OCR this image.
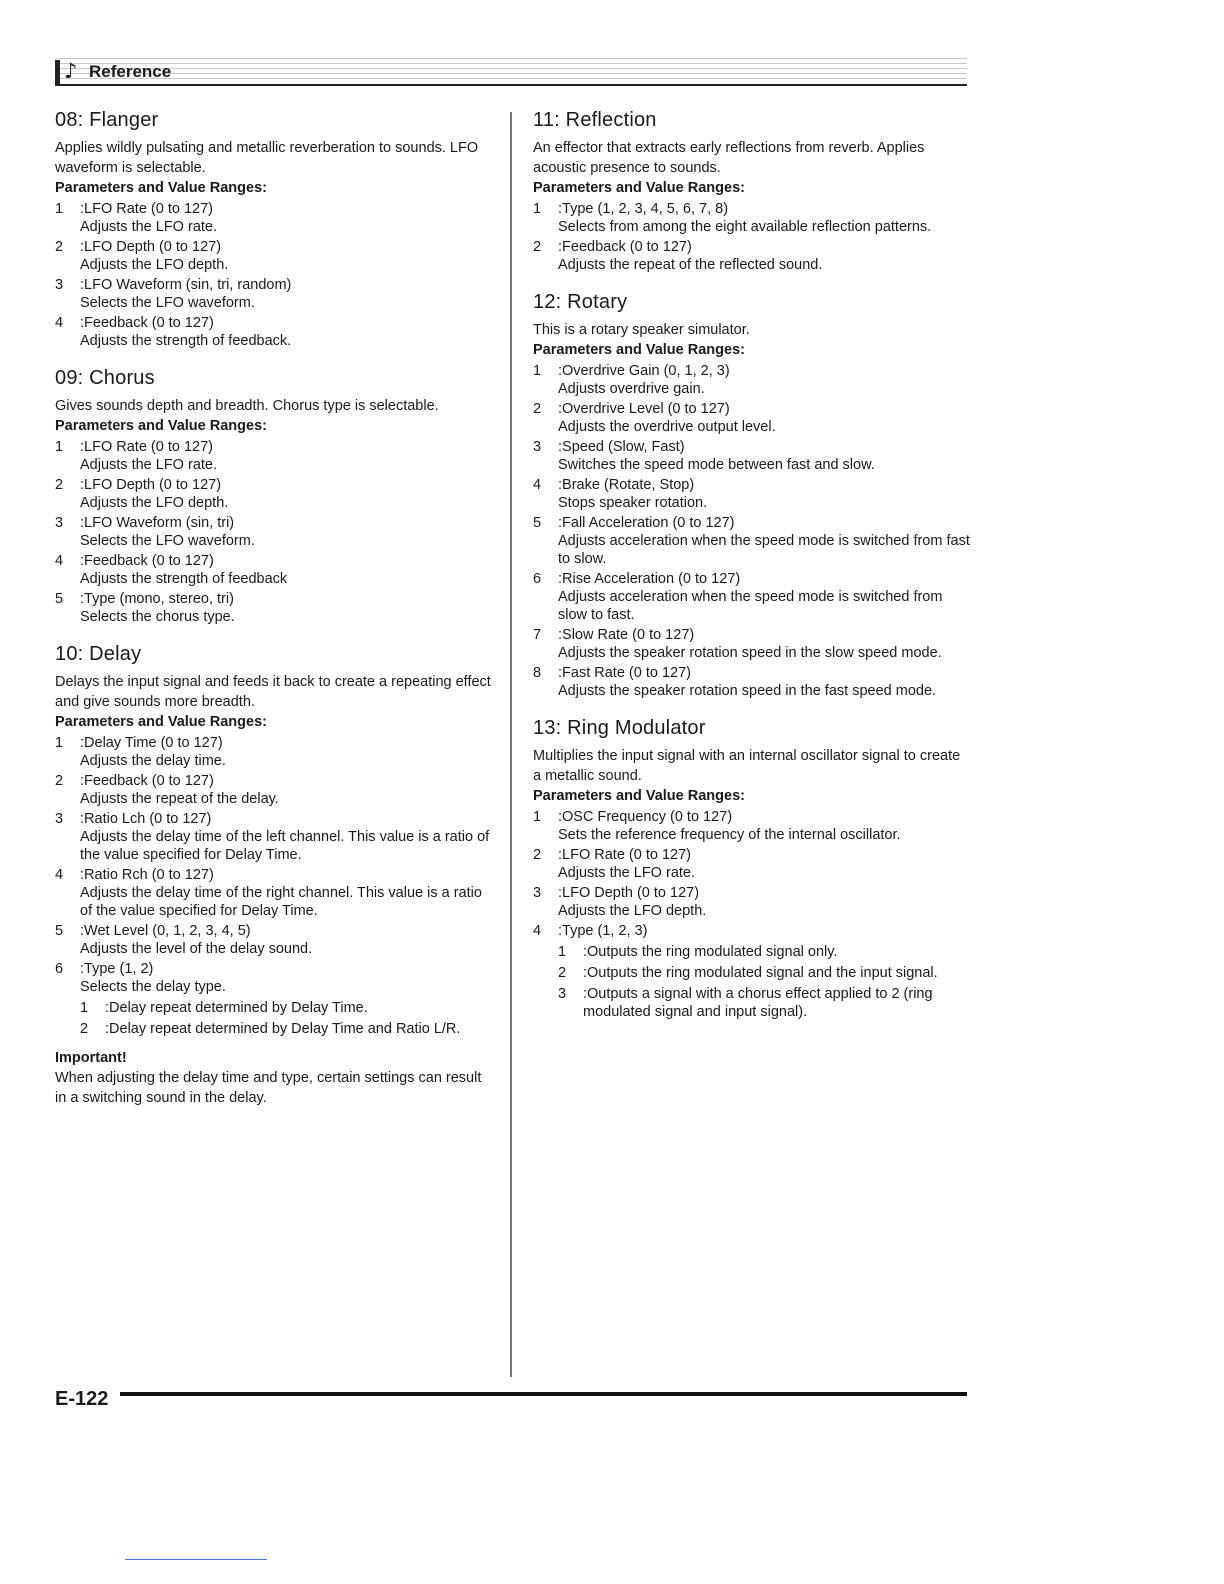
♪ Reference
08: Flanger

Applies wildly pulsating and metallic reverberation to sounds. LFO waveform is selectable.

Parameters and Value Ranges:

1 :LFO Rate (0 to 127)
Adjusts the LFO rate.
2 :LFO Depth (0 to 127)
Adjusts the LFO depth.
3 :LFO Waveform (sin, tri, random)
Selects the LFO waveform.
4 :Feedback (0 to 127)
Adjusts the strength of feedback.
09: Chorus

Gives sounds depth and breadth. Chorus type is selectable.

Parameters and Value Ranges:

1 :LFO Rate (0 to 127)
Adjusts the LFO rate.
2 :LFO Depth (0 to 127)
Adjusts the LFO depth.
3 :LFO Waveform (sin, tri)
Selects the LFO waveform.
4 :Feedback (0 to 127)
Adjusts the strength of feedback
5 :Type (mono, stereo, tri)
Selects the chorus type.
10: Delay

Delays the input signal and feeds it back to create a repeating effect and give sounds more breadth.

Parameters and Value Ranges:

1 :Delay Time (0 to 127)
Adjusts the delay time.
2 :Feedback (0 to 127)
Adjusts the repeat of the delay.
3 :Ratio Lch (0 to 127)
Adjusts the delay time of the left channel. This value is a ratio of the value specified for Delay Time.
4 :Ratio Rch (0 to 127)
Adjusts the delay time of the right channel. This value is a ratio of the value specified for Delay Time.
5 :Wet Level (0, 1, 2, 3, 4, 5)
Adjusts the level of the delay sound.
6 :Type (1, 2)
Selects the delay type.
1 :Delay repeat determined by Delay Time.
2 :Delay repeat determined by Delay Time and Ratio L/R.
Important!

When adjusting the delay time and type, certain settings can result in a switching sound in the delay.

11: Reflection

An effector that extracts early reflections from reverb. Applies acoustic presence to sounds.

Parameters and Value Ranges:

1 :Type (1, 2, 3, 4, 5, 6, 7, 8)
Selects from among the eight available reflection patterns.
2 :Feedback (0 to 127)
Adjusts the repeat of the reflected sound.
12: Rotary

This is a rotary speaker simulator.

Parameters and Value Ranges:

1 :Overdrive Gain (0, 1, 2, 3)
Adjusts overdrive gain.
2 :Overdrive Level (0 to 127)
Adjusts the overdrive output level.
3 :Speed (Slow, Fast)
Switches the speed mode between fast and slow.
4 :Brake (Rotate, Stop)
Stops speaker rotation.
5 :Fall Acceleration (0 to 127)
Adjusts acceleration when the speed mode is switched from fast to slow.
6 :Rise Acceleration (0 to 127)
Adjusts acceleration when the speed mode is switched from slow to fast.
7 :Slow Rate (0 to 127)
Adjusts the speaker rotation speed in the slow speed mode.
8 :Fast Rate (0 to 127)
Adjusts the speaker rotation speed in the fast speed mode.
13: Ring Modulator

Multiplies the input signal with an internal oscillator signal to create a metallic sound.

Parameters and Value Ranges:

1 :OSC Frequency (0 to 127)
Sets the reference frequency of the internal oscillator.
2 :LFO Rate (0 to 127)
Adjusts the LFO rate.
3 :LFO Depth (0 to 127)
Adjusts the LFO depth.
4 :Type (1, 2, 3)
1 :Outputs the ring modulated signal only.
2 :Outputs the ring modulated signal and the input signal.
3 :Outputs a signal with a chorus effect applied to 2 (ring modulated signal and input signal).
E-122
